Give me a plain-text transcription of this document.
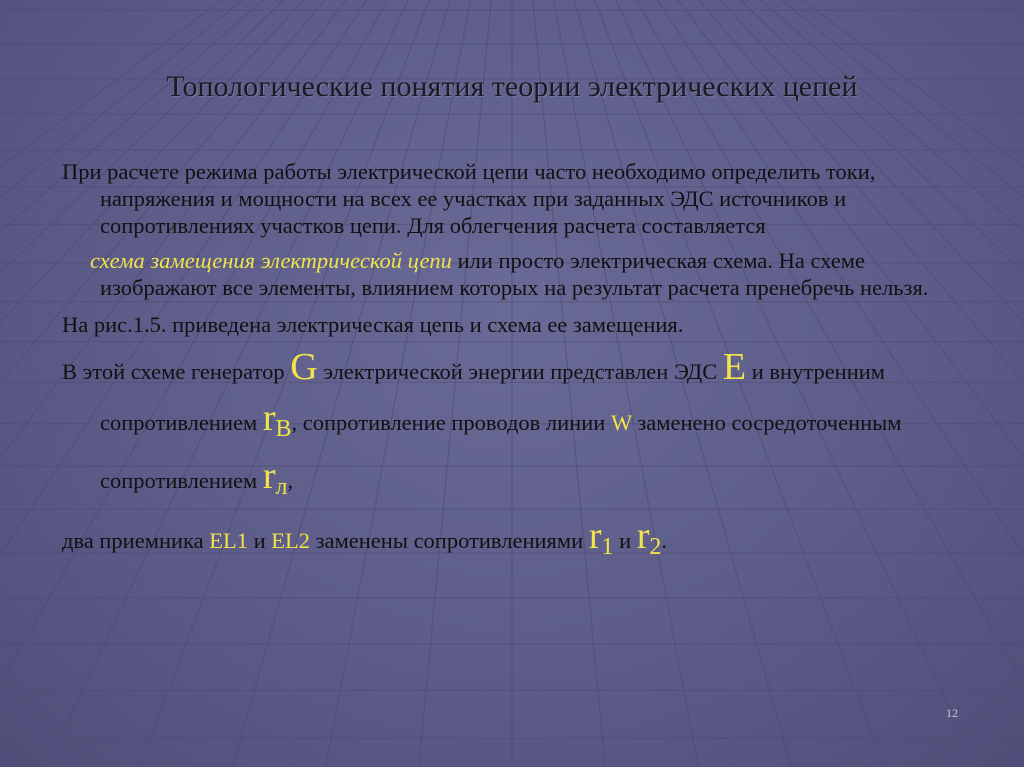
Топологические понятия теории электрических цепей

При расчете режима работы электрической цепи часто необходимо определить токи, напряжения и мощности на всех ее участках при заданных ЭДС источников и сопротивлениях участков цепи. Для облегчения расчета составляется

схема замещения электрической цепи или просто электрическая схема. На схеме изображают все элементы, влиянием которых на результат расчета пренебречь нельзя.

На рис.1.5. приведена электрическая цепь и схема ее замещения.

В этой схеме генератор G электрической энергии представлен ЭДС E и внутренним сопротивлением $r_В$, сопротивление проводов линии W заменено сосредоточенным сопротивлением $r_л$,

два приемника EL1 и EL2 заменены сопротивлениями $r_1$ и $r_2$.

12
